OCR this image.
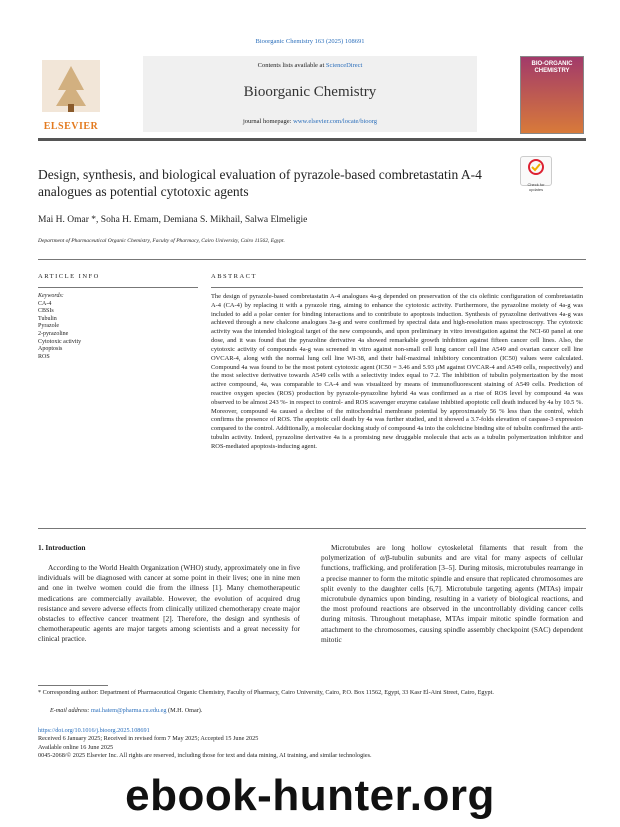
Bioorganic Chemistry 163 (2025) 108691
ELSEVIER
Contents lists available at ScienceDirect
Bioorganic Chemistry
journal homepage: www.elsevier.com/locate/bioorg
BIO-ORGANIC CHEMISTRY
Check for updates
Design, synthesis, and biological evaluation of pyrazole-based combretastatin A-4 analogues as potential cytotoxic agents
Mai H. Omar *, Soha H. Emam, Demiana S. Mikhail, Salwa Elmeligie
Department of Pharmaceutical Organic Chemistry, Faculty of Pharmacy, Cairo University, Cairo 11562, Egypt.
ARTICLE INFO	ABSTRACT
Keywords:
CA-4
CBSIs
Tubulin
Pyrazole
2-pyrazoline
Cytotoxic activity
Apoptosis
ROS
The design of pyrazole-based combretastatin A-4 analogues 4a-g depended on preservation of the cis olefinic configuration of combretastatin A-4 (CA-4) by replacing it with a pyrazole ring, aiming to enhance the cytotoxic activity. Furthermore, the pyrazoline moiety of 4a-g was included to add a polar center for binding interactions and to contribute to apoptosis induction. Synthesis of pyrazoline derivatives 4a-g was achieved through a new chalcone analogues 3a-g and were confirmed by spectral data and high-resolution mass spectroscopy. The cytotoxic activity was the intended biological target of the new compounds, and upon preliminary in vitro investigation against the NCI-60 panel at one dose, and it was found that the pyrazoline derivative 4a showed remarkable growth inhibition against fifteen cancer cell lines. Also, the cytotoxic activity of compounds 4a-g was screened in vitro against non-small cell lung cancer cell line A549 and ovarian cancer cell line OVCAR-4, along with the normal lung cell line WI-38, and their half-maximal inhibitory concentration (IC50) values were calculated. Compound 4a was found to be the most potent cytotoxic agent (IC50 = 3.46 and 5.93 μM against OVCAR-4 and A549 cells, respectively) and the most selective derivative towards A549 cells with a selectivity index equal to 7.2. The inhibition of tubulin polymerization by the most active compound, 4a, was comparable to CA-4 and was visualized by means of immunofluorescent staining of A549 cells. Prediction of reactive oxygen species (ROS) production by pyrazole-pyrazoline hybrid 4a was confirmed as a rise of ROS level by compound 4a was observed to be almost 243 %- in respect to control- and ROS scavenger enzyme catalase inhibited apoptotic cell death induced by 4a by 10.5 %. Moreover, compound 4a caused a decline of the mitochondrial membrane potential by approximately 56 % less than the control, which confirms the presence of ROS. The apoptotic cell death by 4a was further studied, and it showed a 3.7-folds elevation of caspase-3 expression compared to the control. Additionally, a molecular docking study of compound 4a into the colchicine binding site of tubulin confirmed the anti-tubulin activity. Indeed, pyrazoline derivative 4a is a promising new druggable molecule that acts as a tubulin polymerization inhibitor and ROS-mediated apoptosis-inducing agent.
1. Introduction
According to the World Health Organization (WHO) study, approximately one in five individuals will be diagnosed with cancer at some point in their lives; one in nine men and one in twelve women could die from the illness [1]. Many chemotherapeutic medications are commercially available. However, the evolution of acquired drug resistance and severe adverse effects from clinically utilized chemotherapy create major obstacles to effective cancer treatment [2]. Therefore, the design and synthesis of chemotherapeutic agents are major targets among scientists and a great necessity for clinical practice.
Microtubules are long hollow cytoskeletal filaments that result from the polymerization of α/β-tubulin subunits and are vital for many aspects of cellular functions, trafficking, and proliferation [3–5]. During mitosis, microtubules rearrange in a precise manner to form the mitotic spindle and ensure that replicated chromosomes are split evenly to the daughter cells [6,7]. Microtubule targeting agents (MTAs) impair microtubule dynamics upon binding, resulting in a variety of biological reactions, and the most profound reactions are observed in the uncontrollably dividing cancer cells during mitosis. Throughout metaphase, MTAs impair mitotic spindle formation and attachment to the chromosomes, causing spindle assembly checkpoint (SAC) dependent mitotic
* Corresponding author: Department of Pharmaceutical Organic Chemistry, Faculty of Pharmacy, Cairo University, Cairo, P.O. Box 11562, Egypt, 33 Kasr El-Aini Street, Cairo, Egypt.
E-mail address: mai.hatem@pharma.cu.edu.eg (M.H. Omar).
https://doi.org/10.1016/j.bioorg.2025.108691
Received 6 January 2025; Received in revised form 7 May 2025; Accepted 15 June 2025
Available online 16 June 2025
0045-2068/© 2025 Elsevier Inc. All rights are reserved, including those for text and data mining, AI training, and similar technologies.
ebook-hunter.org
